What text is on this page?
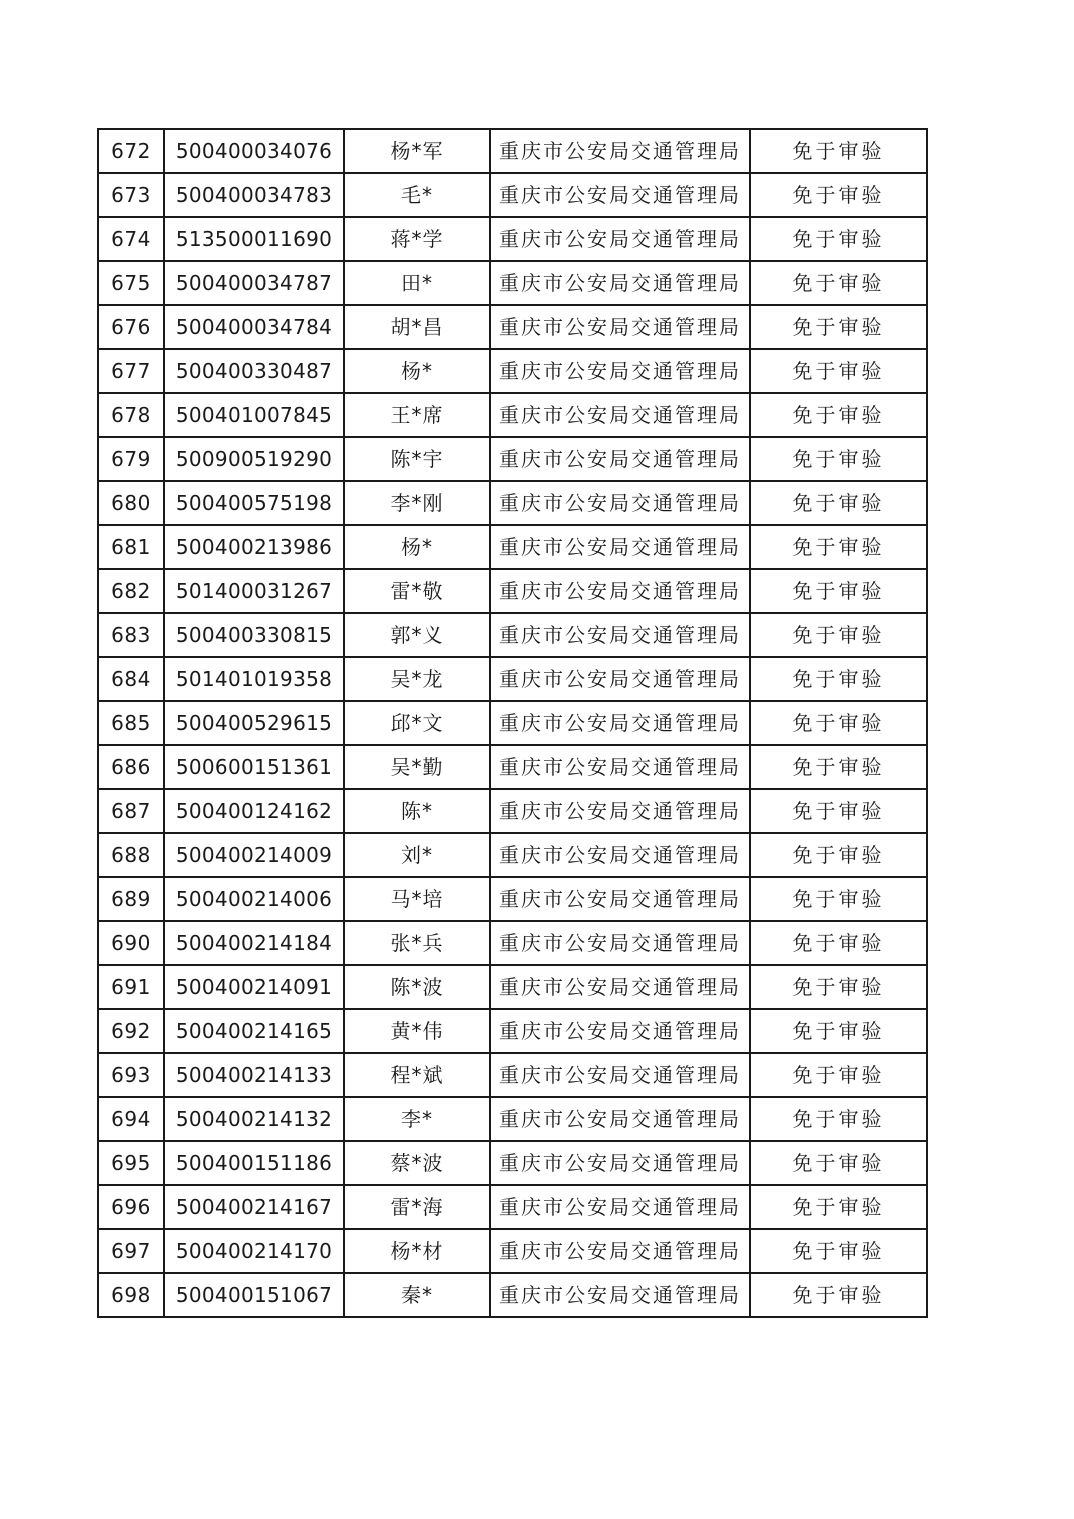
672	500400034076	杨*军	重庆市公安局交通管理局	免于审验
673	500400034783	毛*	重庆市公安局交通管理局	免于审验
674	513500011690	蒋*学	重庆市公安局交通管理局	免于审验
675	500400034787	田*	重庆市公安局交通管理局	免于审验
676	500400034784	胡*昌	重庆市公安局交通管理局	免于审验
677	500400330487	杨*	重庆市公安局交通管理局	免于审验
678	500401007845	王*席	重庆市公安局交通管理局	免于审验
679	500900519290	陈*宇	重庆市公安局交通管理局	免于审验
680	500400575198	李*刚	重庆市公安局交通管理局	免于审验
681	500400213986	杨*	重庆市公安局交通管理局	免于审验
682	501400031267	雷*敬	重庆市公安局交通管理局	免于审验
683	500400330815	郭*义	重庆市公安局交通管理局	免于审验
684	501401019358	吴*龙	重庆市公安局交通管理局	免于审验
685	500400529615	邱*文	重庆市公安局交通管理局	免于审验
686	500600151361	吴*勤	重庆市公安局交通管理局	免于审验
687	500400124162	陈*	重庆市公安局交通管理局	免于审验
688	500400214009	刘*	重庆市公安局交通管理局	免于审验
689	500400214006	马*培	重庆市公安局交通管理局	免于审验
690	500400214184	张*兵	重庆市公安局交通管理局	免于审验
691	500400214091	陈*波	重庆市公安局交通管理局	免于审验
692	500400214165	黄*伟	重庆市公安局交通管理局	免于审验
693	500400214133	程*斌	重庆市公安局交通管理局	免于审验
694	500400214132	李*	重庆市公安局交通管理局	免于审验
695	500400151186	蔡*波	重庆市公安局交通管理局	免于审验
696	500400214167	雷*海	重庆市公安局交通管理局	免于审验
697	500400214170	杨*材	重庆市公安局交通管理局	免于审验
698	500400151067	秦*	重庆市公安局交通管理局	免于审验
